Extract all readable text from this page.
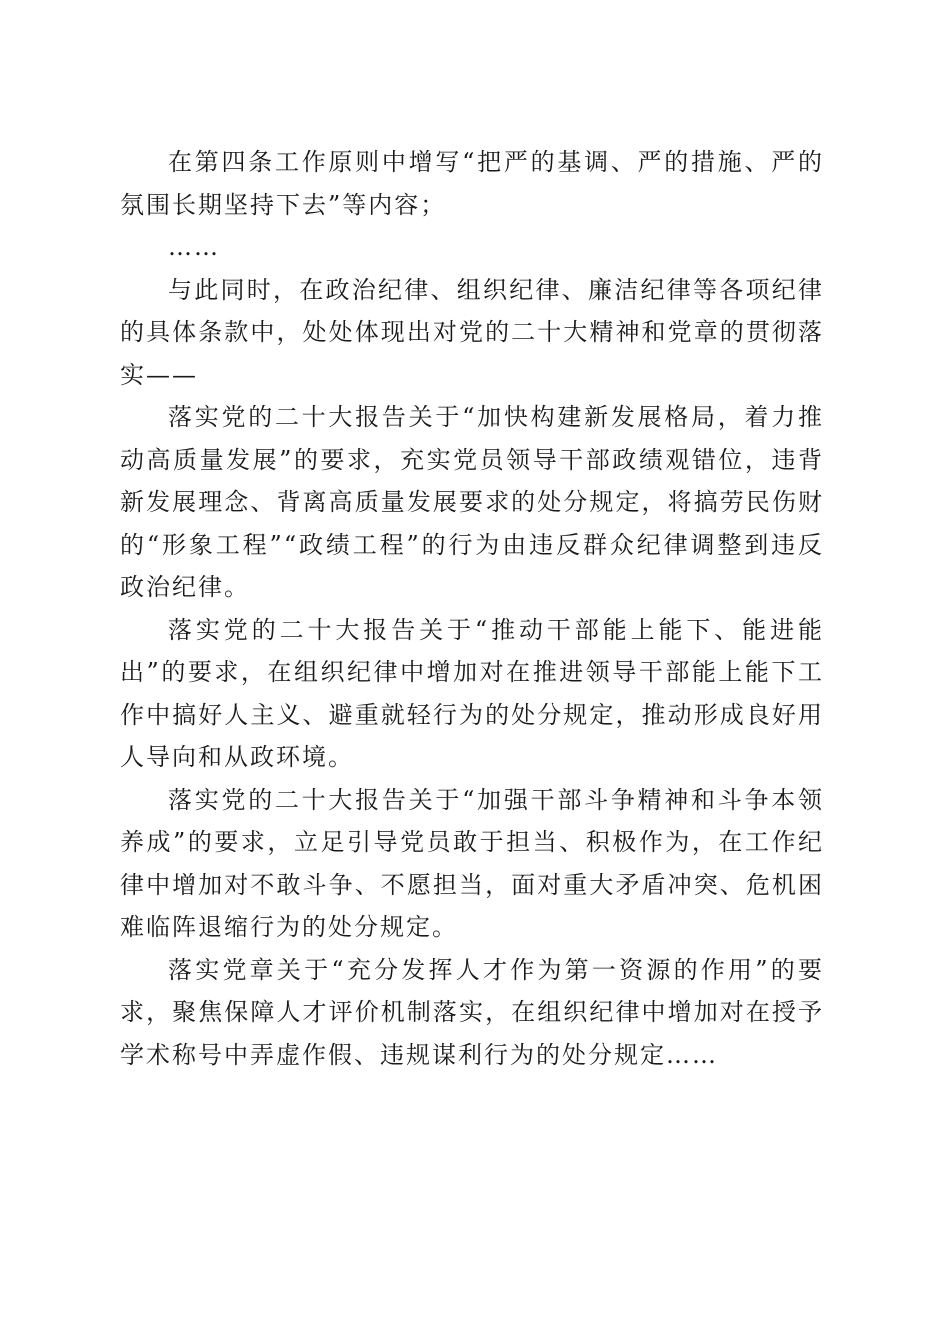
在第四条工作原则中增写“把严的基调、严的措施、严的氛围长期坚持下去”等内容；

……

与此同时，在政治纪律、组织纪律、廉洁纪律等各项纪律的具体条款中，处处体现出对党的二十大精神和党章的贯彻落实——

落实党的二十大报告关于“加快构建新发展格局，着力推动高质量发展”的要求，充实党员领导干部政绩观错位，违背新发展理念、背离高质量发展要求的处分规定，将搞劳民伤财的“形象工程”“政绩工程”的行为由违反群众纪律调整到违反政治纪律。

落实党的二十大报告关于“推动干部能上能下、能进能出”的要求，在组织纪律中增加对在推进领导干部能上能下工作中搞好人主义、避重就轻行为的处分规定，推动形成良好用人导向和从政环境。

落实党的二十大报告关于“加强干部斗争精神和斗争本领养成”的要求，立足引导党员敢于担当、积极作为，在工作纪律中增加对不敢斗争、不愿担当，面对重大矛盾冲突、危机困难临阵退缩行为的处分规定。

落实党章关于“充分发挥人才作为第一资源的作用”的要求，聚焦保障人才评价机制落实，在组织纪律中增加对在授予学术称号中弄虚作假、违规谋利行为的处分规定……
